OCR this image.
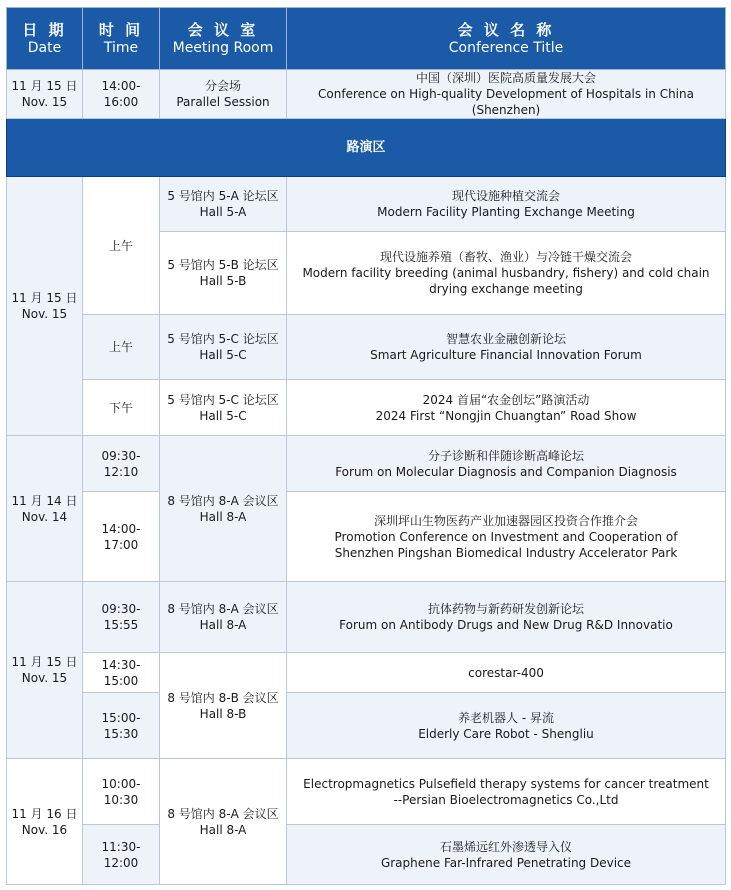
日 期
Date	时 间
Time	会 议 室
Meeting Room	会 议 名 称
Conference Title

11 月 15 日
Nov. 15	14:00-16:00	分会场
Parallel Session	中国（深圳）医院高质量发展大会
Conference on High-quality Development of Hospitals in China (Shenzhen)

路演区			

11 月 15 日
Nov. 15	上午	5 号馆内 5-A 论坛区
Hall 5-A	现代设施种植交流会
Modern Facility Planting Exchange Meeting

		5 号馆内 5-B 论坛区
Hall 5-B	现代设施养殖（畜牧、渔业）与冷链干燥交流会
Modern facility breeding (animal husbandry, fishery) and cold chain
drying exchange meeting

	上午	5 号馆内 5-C 论坛区
Hall 5-C	智慧农业金融创新论坛
Smart Agriculture Financial Innovation Forum

	下午	5 号馆内 5-C 论坛区
Hall 5-C	2024 首届“农金创坛”路演活动
2024 First “Nongjin Chuangtan” Road Show

11 月 14 日
Nov. 14	09:30-12:10	8 号馆内 8-A 会议区
Hall 8-A	分子诊断和伴随诊断高峰论坛
Forum on Molecular Diagnosis and Companion Diagnosis

	14:00-17:00		深圳坪山生物医药产业加速器园区投资合作推介会
Promotion Conference on Investment and Cooperation of
Shenzhen Pingshan Biomedical Industry Accelerator Park

11 月 15 日
Nov. 15	09:30-15:55	8 号馆内 8-A 会议区
Hall 8-A	抗体药物与新药研发创新论坛
Forum on Antibody Drugs and New Drug R&D Innovatio

	14:30-15:00	8 号馆内 8-B 会议区
Hall 8-B	corestar-400
	15:00-15:30		养老机器人 - 昇流
Elderly Care Robot - Shengliu

11 月 16 日
Nov. 16	10:00-10:30	8 号馆内 8-A 会议区
Hall 8-A	Electropmagnetics Pulsefield therapy systems for cancer treatment
--Persian Bioelectromagnetics Co.,Ltd

	11:30-12:00		石墨烯远红外渗透导入仪
Graphene Far-Infrared Penetrating Device
